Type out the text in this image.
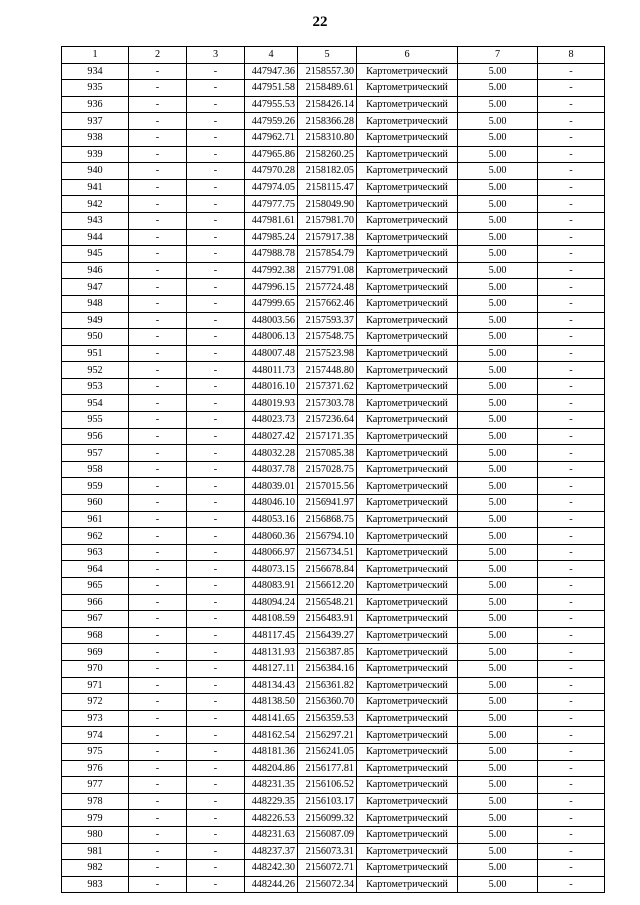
22
1	2	3	4	5	6	7	8
934	-	-	447947.36	2158557.30	Картометрический	5.00	-
935	-	-	447951.58	2158489.61	Картометрический	5.00	-
936	-	-	447955.53	2158426.14	Картометрический	5.00	-
937	-	-	447959.26	2158366.28	Картометрический	5.00	-
938	-	-	447962.71	2158310.80	Картометрический	5.00	-
939	-	-	447965.86	2158260.25	Картометрический	5.00	-
940	-	-	447970.28	2158182.05	Картометрический	5.00	-
941	-	-	447974.05	2158115.47	Картометрический	5.00	-
942	-	-	447977.75	2158049.90	Картометрический	5.00	-
943	-	-	447981.61	2157981.70	Картометрический	5.00	-
944	-	-	447985.24	2157917.38	Картометрический	5.00	-
945	-	-	447988.78	2157854.79	Картометрический	5.00	-
946	-	-	447992.38	2157791.08	Картометрический	5.00	-
947	-	-	447996.15	2157724.48	Картометрический	5.00	-
948	-	-	447999.65	2157662.46	Картометрический	5.00	-
949	-	-	448003.56	2157593.37	Картометрический	5.00	-
950	-	-	448006.13	2157548.75	Картометрический	5.00	-
951	-	-	448007.48	2157523.98	Картометрический	5.00	-
952	-	-	448011.73	2157448.80	Картометрический	5.00	-
953	-	-	448016.10	2157371.62	Картометрический	5.00	-
954	-	-	448019.93	2157303.78	Картометрический	5.00	-
955	-	-	448023.73	2157236.64	Картометрический	5.00	-
956	-	-	448027.42	2157171.35	Картометрический	5.00	-
957	-	-	448032.28	2157085.38	Картометрический	5.00	-
958	-	-	448037.78	2157028.75	Картометрический	5.00	-
959	-	-	448039.01	2157015.56	Картометрический	5.00	-
960	-	-	448046.10	2156941.97	Картометрический	5.00	-
961	-	-	448053.16	2156868.75	Картометрический	5.00	-
962	-	-	448060.36	2156794.10	Картометрический	5.00	-
963	-	-	448066.97	2156734.51	Картометрический	5.00	-
964	-	-	448073.15	2156678.84	Картометрический	5.00	-
965	-	-	448083.91	2156612.20	Картометрический	5.00	-
966	-	-	448094.24	2156548.21	Картометрический	5.00	-
967	-	-	448108.59	2156483.91	Картометрический	5.00	-
968	-	-	448117.45	2156439.27	Картометрический	5.00	-
969	-	-	448131.93	2156387.85	Картометрический	5.00	-
970	-	-	448127.11	2156384.16	Картометрический	5.00	-
971	-	-	448134.43	2156361.82	Картометрический	5.00	-
972	-	-	448138.50	2156360.70	Картометрический	5.00	-
973	-	-	448141.65	2156359.53	Картометрический	5.00	-
974	-	-	448162.54	2156297.21	Картометрический	5.00	-
975	-	-	448181.36	2156241.05	Картометрический	5.00	-
976	-	-	448204.86	2156177.81	Картометрический	5.00	-
977	-	-	448231.35	2156106.52	Картометрический	5.00	-
978	-	-	448229.35	2156103.17	Картометрический	5.00	-
979	-	-	448226.53	2156099.32	Картометрический	5.00	-
980	-	-	448231.63	2156087.09	Картометрический	5.00	-
981	-	-	448237.37	2156073.31	Картометрический	5.00	-
982	-	-	448242.30	2156072.71	Картометрический	5.00	-
983	-	-	448244.26	2156072.34	Картометрический	5.00	-
